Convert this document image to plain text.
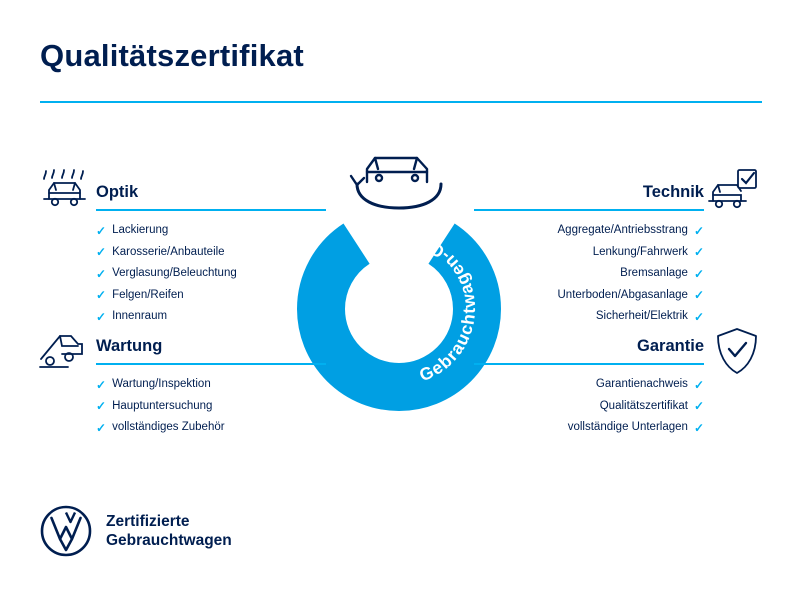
Qualitätszertifikat
Gebrauchtwagen-Check
360°
Optik
✓ Lackierung
✓ Karosserie/Anbauteile
✓ Verglasung/Beleuchtung
✓ Felgen/Reifen
✓ Innenraum
Technik
✓
Aggregate/Antriebsstrang
✓
Lenkung/Fahrwerk
✓
Bremsanlage
✓
Unterboden/Abgasanlage
✓
Sicherheit/Elektrik
Wartung
✓ Wartung/Inspektion
✓ Hauptuntersuchung
✓ vollständiges Zubehör
Garantie
✓
Garantienachweis
✓
Qualitätszertifikat
✓
vollständige Unterlagen
Zertifizierte
Gebrauchtwagen
